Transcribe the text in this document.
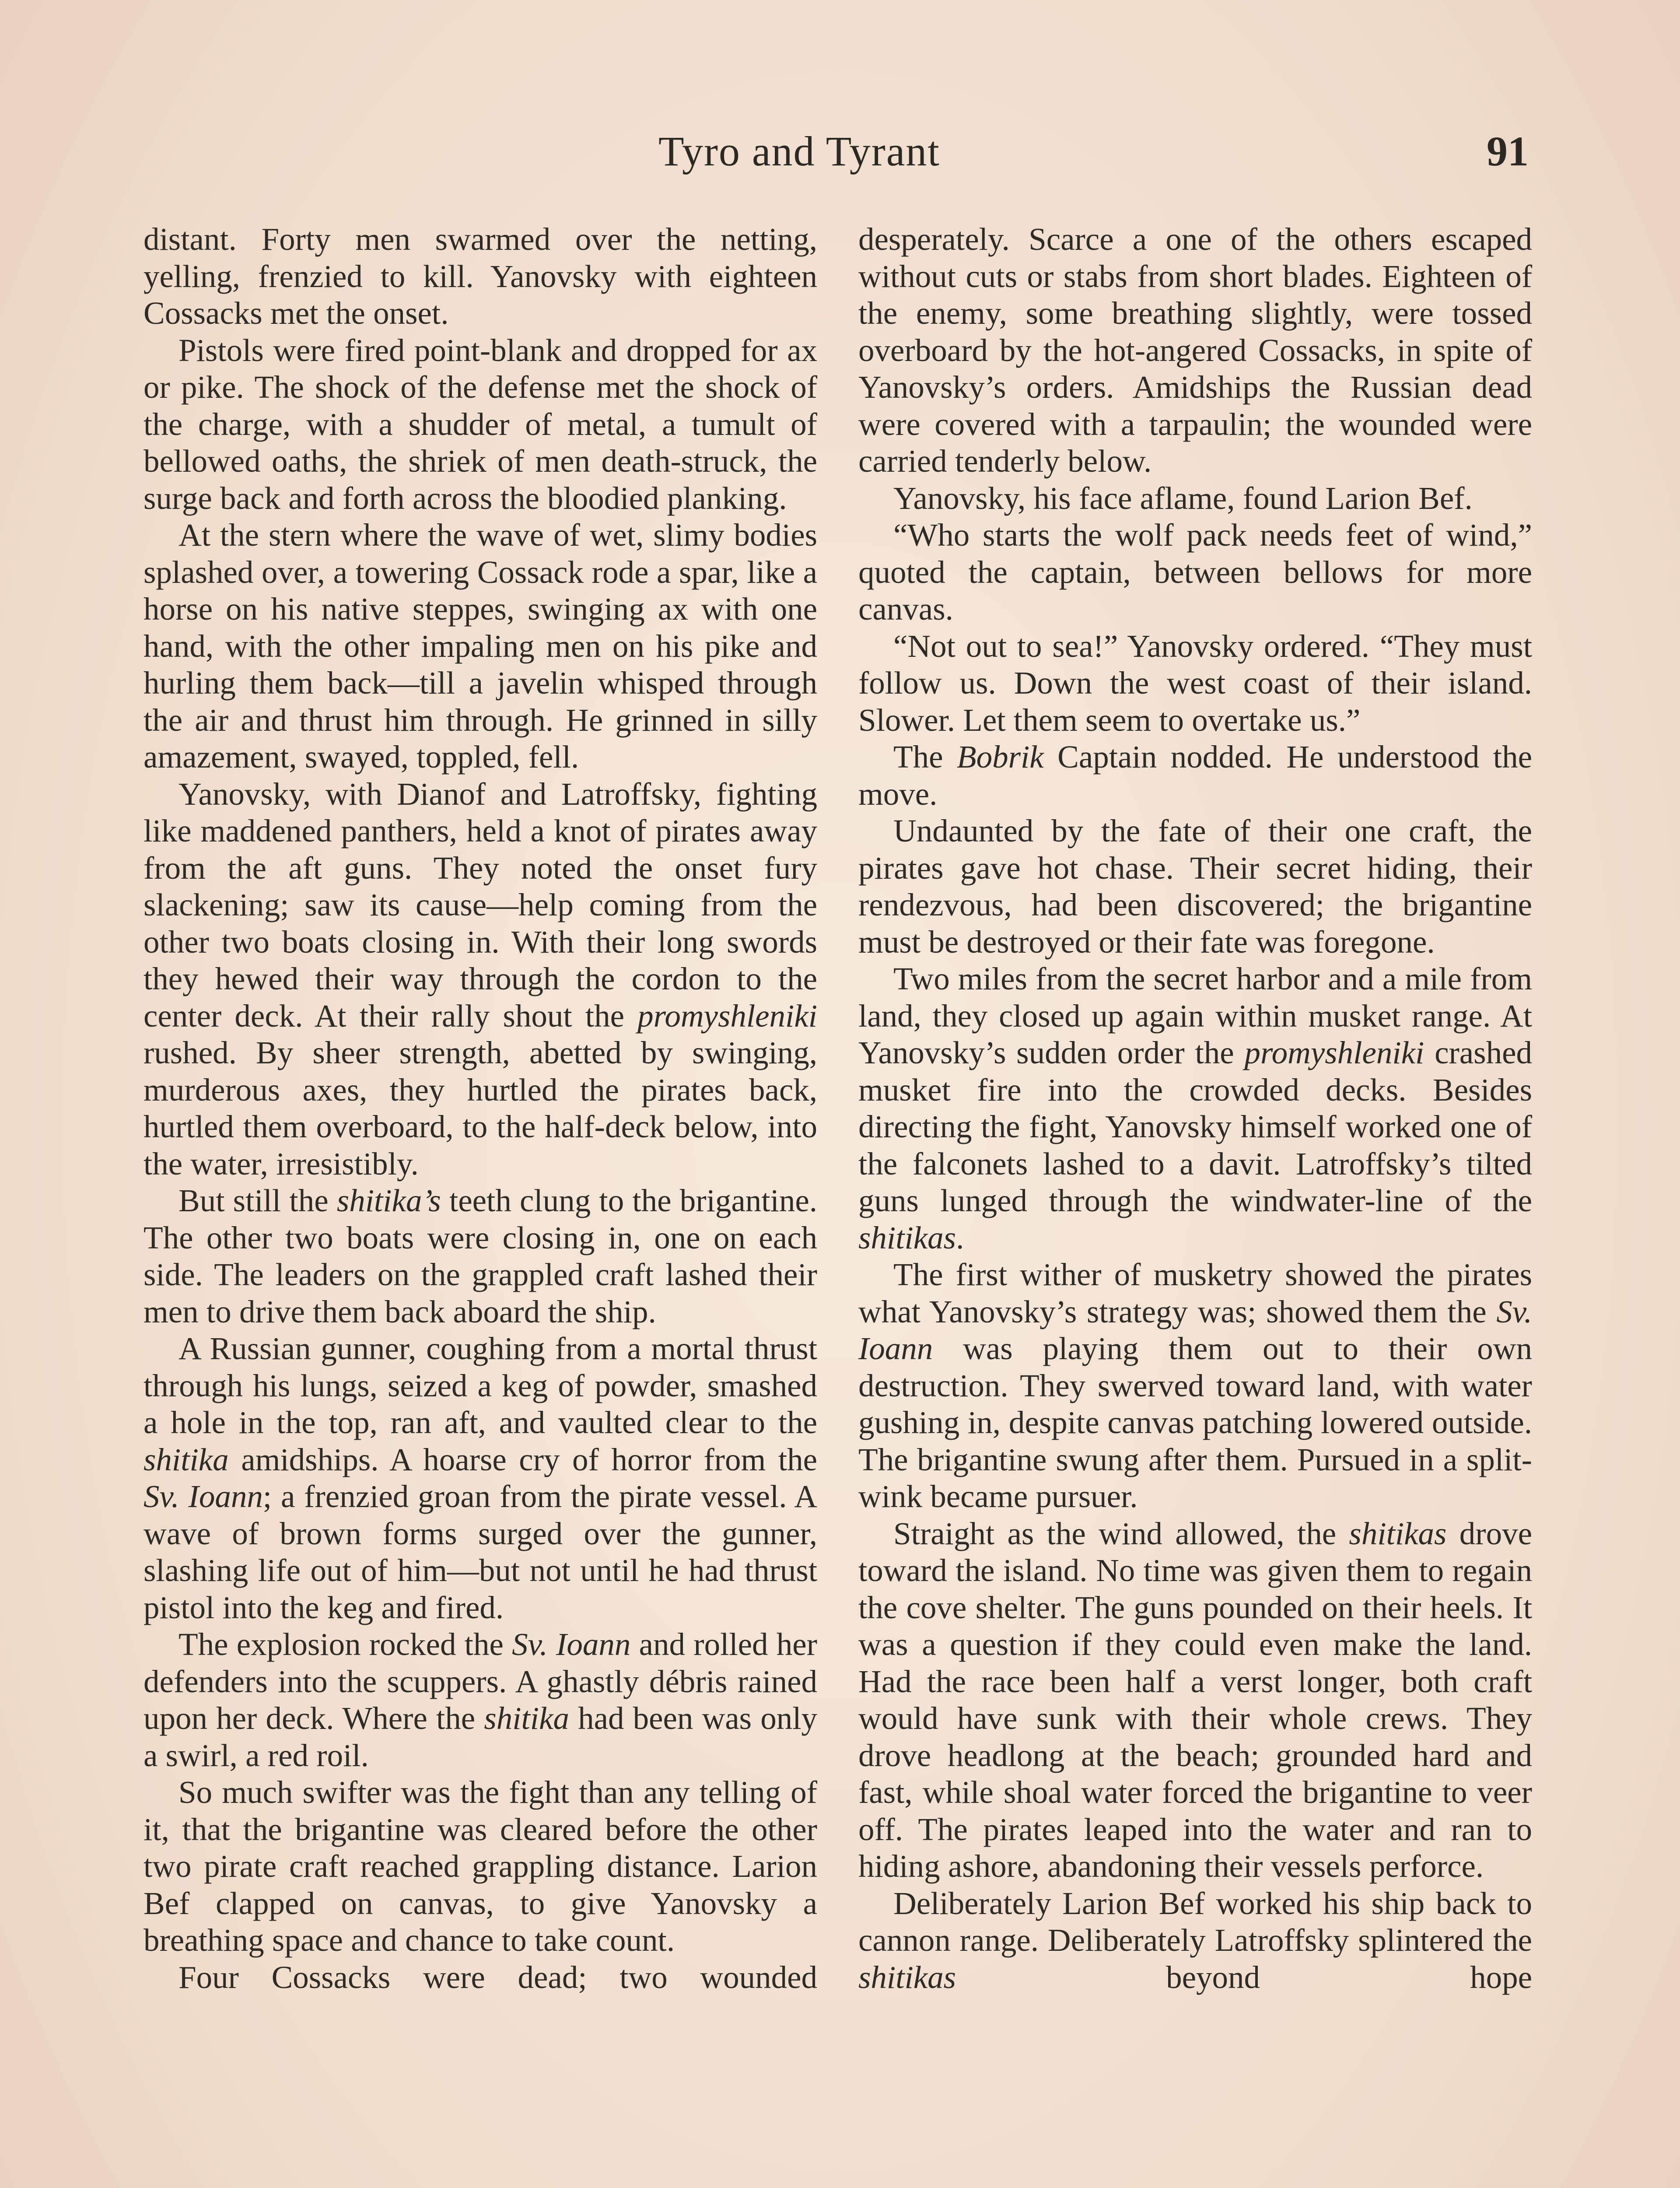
Tyro and Tyrant	91

distant. Forty men swarmed over the netting, yelling, frenzied to kill. Yanovsky with eighteen Cossacks met the onset.

Pistols were fired point-blank and dropped for ax or pike. The shock of the defense met the shock of the charge, with a shudder of metal, a tumult of bellowed oaths, the shriek of men death-struck, the surge back and forth across the bloodied planking.

At the stern where the wave of wet, slimy bodies splashed over, a towering Cossack rode a spar, like a horse on his native steppes, swinging ax with one hand, with the other impaling men on his pike and hurling them back—till a javelin whisped through the air and thrust him through. He grinned in silly amazement, swayed, toppled, fell.

Yanovsky, with Dianof and Latroffsky, fighting like maddened panthers, held a knot of pirates away from the aft guns. They noted the onset fury slackening; saw its cause—help coming from the other two boats closing in. With their long swords they hewed their way through the cordon to the center deck. At their rally shout the promyshleniki rushed. By sheer strength, abetted by swinging, murderous axes, they hurtled the pirates back, hurtled them overboard, to the half-deck below, into the water, irresistibly.

But still the shitika’s teeth clung to the brigantine. The other two boats were closing in, one on each side. The leaders on the grappled craft lashed their men to drive them back aboard the ship.

A Russian gunner, coughing from a mortal thrust through his lungs, seized a keg of powder, smashed a hole in the top, ran aft, and vaulted clear to the shitika amidships. A hoarse cry of horror from the Sv. Ioann; a frenzied groan from the pirate vessel. A wave of brown forms surged over the gunner, slashing life out of him—but not until he had thrust pistol into the keg and fired.

The explosion rocked the Sv. Ioann and rolled her defenders into the scuppers. A ghastly débris rained upon her deck. Where the shitika had been was only a swirl, a red roil.

So much swifter was the fight than any telling of it, that the brigantine was cleared before the other two pirate craft reached grappling distance. Larion Bef clapped on canvas, to give Yanovsky a breathing space and chance to take count.

Four Cossacks were dead; two wounded

desperately. Scarce a one of the others escaped without cuts or stabs from short blades. Eighteen of the enemy, some breathing slightly, were tossed overboard by the hot-angered Cossacks, in spite of Yanovsky’s orders. Amidships the Russian dead were covered with a tarpaulin; the wounded were carried tenderly below.

Yanovsky, his face aflame, found Larion Bef.

“Who starts the wolf pack needs feet of wind,” quoted the captain, between bellows for more canvas.

“Not out to sea!” Yanovsky ordered. “They must follow us. Down the west coast of their island. Slower. Let them seem to overtake us.”

The Bobrik Captain nodded. He understood the move.

Undaunted by the fate of their one craft, the pirates gave hot chase. Their secret hiding, their rendezvous, had been discovered; the brigantine must be destroyed or their fate was foregone.

Two miles from the secret harbor and a mile from land, they closed up again within musket range. At Yanovsky’s sudden order the promyshleniki crashed musket fire into the crowded decks. Besides directing the fight, Yanovsky himself worked one of the falconets lashed to a davit. Latroffsky’s tilted guns lunged through the windwater-line of the shitikas.

The first wither of musketry showed the pirates what Yanovsky’s strategy was; showed them the Sv. Ioann was playing them out to their own destruction. They swerved toward land, with water gushing in, despite canvas patching lowered outside. The brigantine swung after them. Pursued in a split-wink became pursuer.

Straight as the wind allowed, the shitikas drove toward the island. No time was given them to regain the cove shelter. The guns pounded on their heels. It was a question if they could even make the land. Had the race been half a verst longer, both craft would have sunk with their whole crews. They drove headlong at the beach; grounded hard and fast, while shoal water forced the brigantine to veer off. The pirates leaped into the water and ran to hiding ashore, abandoning their vessels perforce.

Deliberately Larion Bef worked his ship back to cannon range. Deliberately Latroffsky splintered the shitikas beyond hope
